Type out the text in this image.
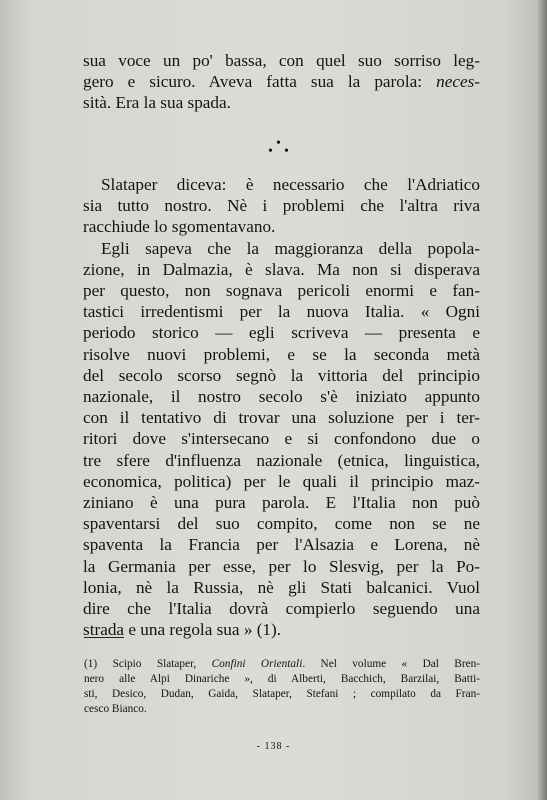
sua voce un po' bassa, con quel suo sorriso leg-
gero e sicuro. Aveva fatta sua la parola: neces-
sità. Era la sua spada.
•
•
•
Slataper diceva: è necessario che l'Adriatico
sia tutto nostro. Nè i problemi che l'altra riva
racchiude lo sgomentavano.
Egli sapeva che la maggioranza della popola-
zione, in Dalmazia, è slava. Ma non si disperava
per questo, non sognava pericoli enormi e fan-
tastici irredentismi per la nuova Italia. « Ogni
periodo storico — egli scriveva — presenta e
risolve nuovi problemi, e se la seconda metà
del secolo scorso segnò la vittoria del principio
nazionale, il nostro secolo s'è iniziato appunto
con il tentativo di trovar una soluzione per i ter-
ritori dove s'intersecano e si confondono due o
tre sfere d'influenza nazionale (etnica, linguistica,
economica, politica) per le quali il principio maz-
ziniano è una pura parola. E l'Italia non può
spaventarsi del suo compito, come non se ne
spaventa la Francia per l'Alsazia e Lorena, nè
la Germania per esse, per lo Slesvig, per la Po-
lonia, nè la Russia, nè gli Stati balcanici. Vuol
dire che l'Italia dovrà compierlo seguendo una
strada e una regola sua » (1).
(1) Scipio Slataper, Confini Orientali. Nel volume « Dal Bren-
nero alle Alpi Dinariche », di Alberti, Bacchich, Barzilai, Batti-
sti, Desico, Dudan, Gaida, Slataper, Stefani ; compilato da Fran-
cesco Bianco.
- 138 -
